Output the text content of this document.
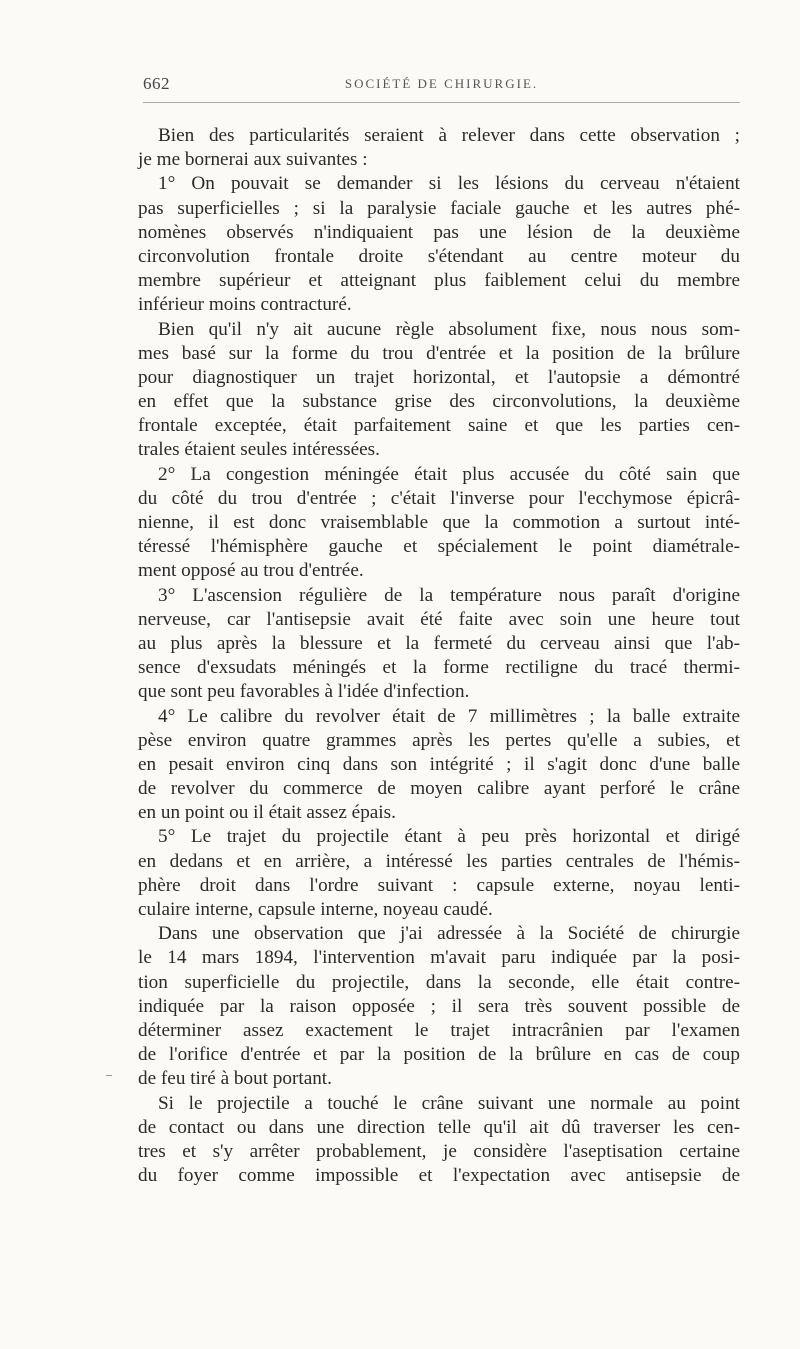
662	SOCIÉTÉ DE CHIRURGIE.
Bien des particularités seraient à relever dans cette observation ;
je me bornerai aux suivantes :
1° On pouvait se demander si les lésions du cerveau n'étaient
pas superficielles ; si la paralysie faciale gauche et les autres phé-
nomènes observés n'indiquaient pas une lésion de la deuxième
circonvolution frontale droite s'étendant au centre moteur du
membre supérieur et atteignant plus faiblement celui du membre
inférieur moins contracturé.
Bien qu'il n'y ait aucune règle absolument fixe, nous nous som-
mes basé sur la forme du trou d'entrée et la position de la brûlure
pour diagnostiquer un trajet horizontal, et l'autopsie a démontré
en effet que la substance grise des circonvolutions, la deuxième
frontale exceptée, était parfaitement saine et que les parties cen-
trales étaient seules intéressées.
2° La congestion méningée était plus accusée du côté sain que
du côté du trou d'entrée ; c'était l'inverse pour l'ecchymose épicrâ-
nienne, il est donc vraisemblable que la commotion a surtout inté-
téressé l'hémisphère gauche et spécialement le point diamétrale-
ment opposé au trou d'entrée.
3° L'ascension régulière de la température nous paraît d'origine
nerveuse, car l'antisepsie avait été faite avec soin une heure tout
au plus après la blessure et la fermeté du cerveau ainsi que l'ab-
sence d'exsudats méningés et la forme rectiligne du tracé thermi-
que sont peu favorables à l'idée d'infection.
4° Le calibre du revolver était de 7 millimètres ; la balle extraite
pèse environ quatre grammes après les pertes qu'elle a subies, et
en pesait environ cinq dans son intégrité ; il s'agit donc d'une balle
de revolver du commerce de moyen calibre ayant perforé le crâne
en un point ou il était assez épais.
5° Le trajet du projectile étant à peu près horizontal et dirigé
en dedans et en arrière, a intéressé les parties centrales de l'hémis-
phère droit dans l'ordre suivant : capsule externe, noyau lenti-
culaire interne, capsule interne, noyeau caudé.
Dans une observation que j'ai adressée à la Société de chirurgie
le 14 mars 1894, l'intervention m'avait paru indiquée par la posi-
tion superficielle du projectile, dans la seconde, elle était contre-
indiquée par la raison opposée ; il sera très souvent possible de
déterminer assez exactement le trajet intracrânien par l'examen
de l'orifice d'entrée et par la position de la brûlure en cas de coup
de feu tiré à bout portant.
Si le projectile a touché le crâne suivant une normale au point
de contact ou dans une direction telle qu'il ait dû traverser les cen-
tres et s'y arrêter probablement, je considère l'aseptisation certaine
du foyer comme impossible et l'expectation avec antisepsie de
